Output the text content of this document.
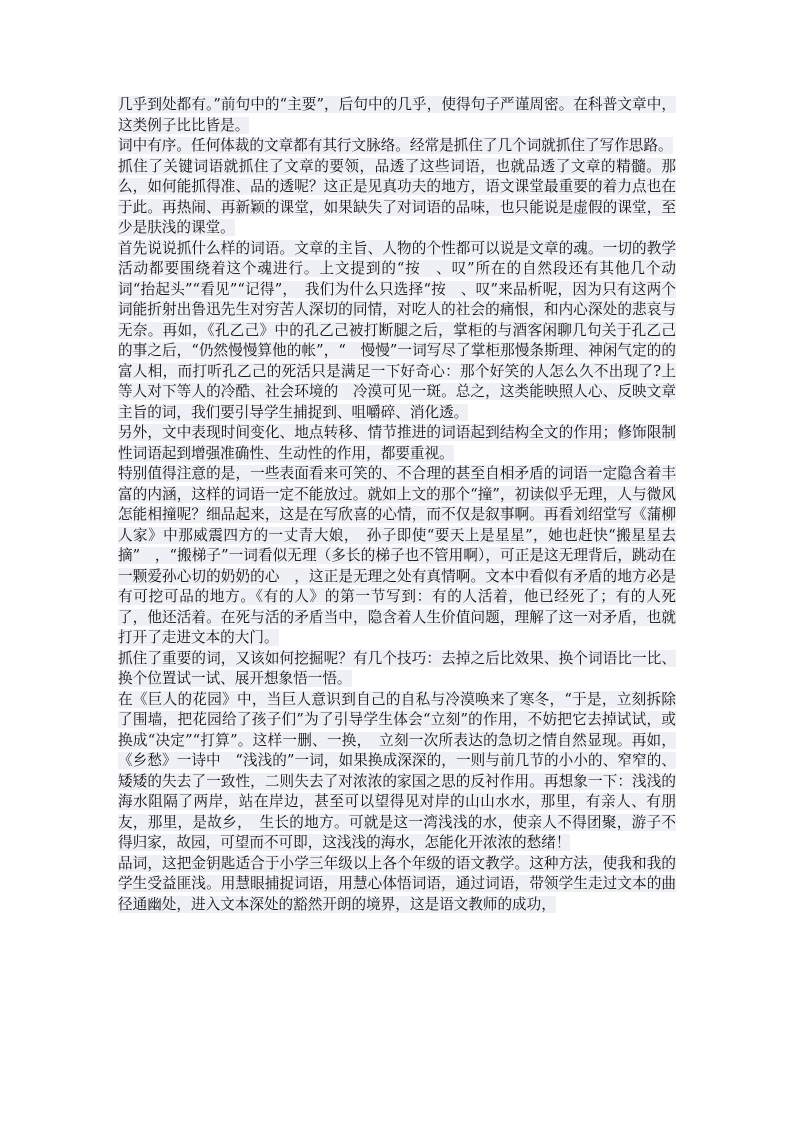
几乎到处都有。”前句中的“主要”，后句中的几乎，使得句子严谨周密。在科普文章中，这类例子比比皆是。

词中有序。任何体裁的文章都有其行文脉络。经常是抓住了几个词就抓住了写作思路。

抓住了关键词语就抓住了文章的要领，品透了这些词语，也就品透了文章的精髓。那么，如何能抓得准、品的透呢？这正是见真功夫的地方，语文课堂最重要的着力点也在于此。再热闹、再新颖的课堂，如果缺失了对词语的品味，也只能说是虚假的课堂，至少是肤浅的课堂。

首先说说抓什么样的词语。文章的主旨、人物的个性都可以说是文章的魂。一切的教学活动都要围绕着这个魂进行。上文提到的“按　、叹”所在的自然段还有其他几个动词“抬起头”“看见”“记得”，　我们为什么只选择“按　、叹”来品析呢，因为只有这两个词能折射出鲁迅先生对穷苦人深切的同情，对吃人的社会的痛恨，和内心深处的悲哀与无奈。再如，《孔乙己》中的孔乙己被打断腿之后，掌柜的与酒客闲聊几句关于孔乙己的事之后，“仍然慢慢算他的帐”，“　慢慢”一词写尽了掌柜那慢条斯理、神闲气定的的富人相，而打听孔乙己的死活只是满足一下好奇心：那个好笑的人怎么久不出现了?上等人对下等人的冷酷、社会环境的　冷漠可见一斑。总之，这类能映照人心、反映文章主旨的词，我们要引导学生捕捉到、咀嚼碎、消化透。

另外，文中表现时间变化、地点转移、情节推进的词语起到结构全文的作用；修饰限制性词语起到增强准确性、生动性的作用，都要重视。

特别值得注意的是，一些表面看来可笑的、不合理的甚至自相矛盾的词语一定隐含着丰富的内涵，这样的词语一定不能放过。就如上文的那个“撞”，初读似乎无理，人与微风怎能相撞呢？细品起来，这是在写欣喜的心情，而不仅是叙事啊。再看刘绍堂写《蒲柳人家》中那威震四方的一丈青大娘，　孙子即使“要天上是星星”，她也赶快“搬星星去摘”　，“搬梯子”一词看似无理（多长的梯子也不管用啊），可正是这无理背后，跳动在一颗爱孙心切的奶奶的心　，这正是无理之处有真情啊。文本中看似有矛盾的地方必是有可挖可品的地方。《有的人》的第一节写到：有的人活着，他已经死了；有的人死了，他还活着。在死与活的矛盾当中，隐含着人生价值问题，理解了这一对矛盾，也就打开了走进文本的大门。

抓住了重要的词，又该如何挖掘呢？有几个技巧：去掉之后比效果、换个词语比一比、换个位置试一试、展开想象悟一悟。

在《巨人的花园》中，当巨人意识到自己的自私与冷漠唤来了寒冬，“于是，立刻拆除了围墙，把花园给了孩子们”为了引导学生体会“立刻”的作用，不妨把它去掉试试，或换成“决定”“打算”。这样一删、一换，　立刻一次所表达的急切之情自然显现。再如，《乡愁》一诗中　“浅浅的”一词，如果换成深深的，一则与前几节的小小的、窄窄的、矮矮的失去了一致性，二则失去了对浓浓的家国之思的反衬作用。再想象一下：浅浅的海水阻隔了两岸，站在岸边，甚至可以望得见对岸的山山水水，那里，有亲人、有朋友，那里，是故乡，　生长的地方。可就是这一湾浅浅的水，使亲人不得团聚，游子不得归家，故园，可望而不可即，这浅浅的海水，怎能化开浓浓的愁绪！

品词，这把金钥匙适合于小学三年级以上各个年级的语文教学。这种方法，使我和我的学生受益匪浅。用慧眼捕捉词语，用慧心体悟词语，通过词语，带领学生走过文本的曲径通幽处，进入文本深处的豁然开朗的境界，这是语文教师的成功，
